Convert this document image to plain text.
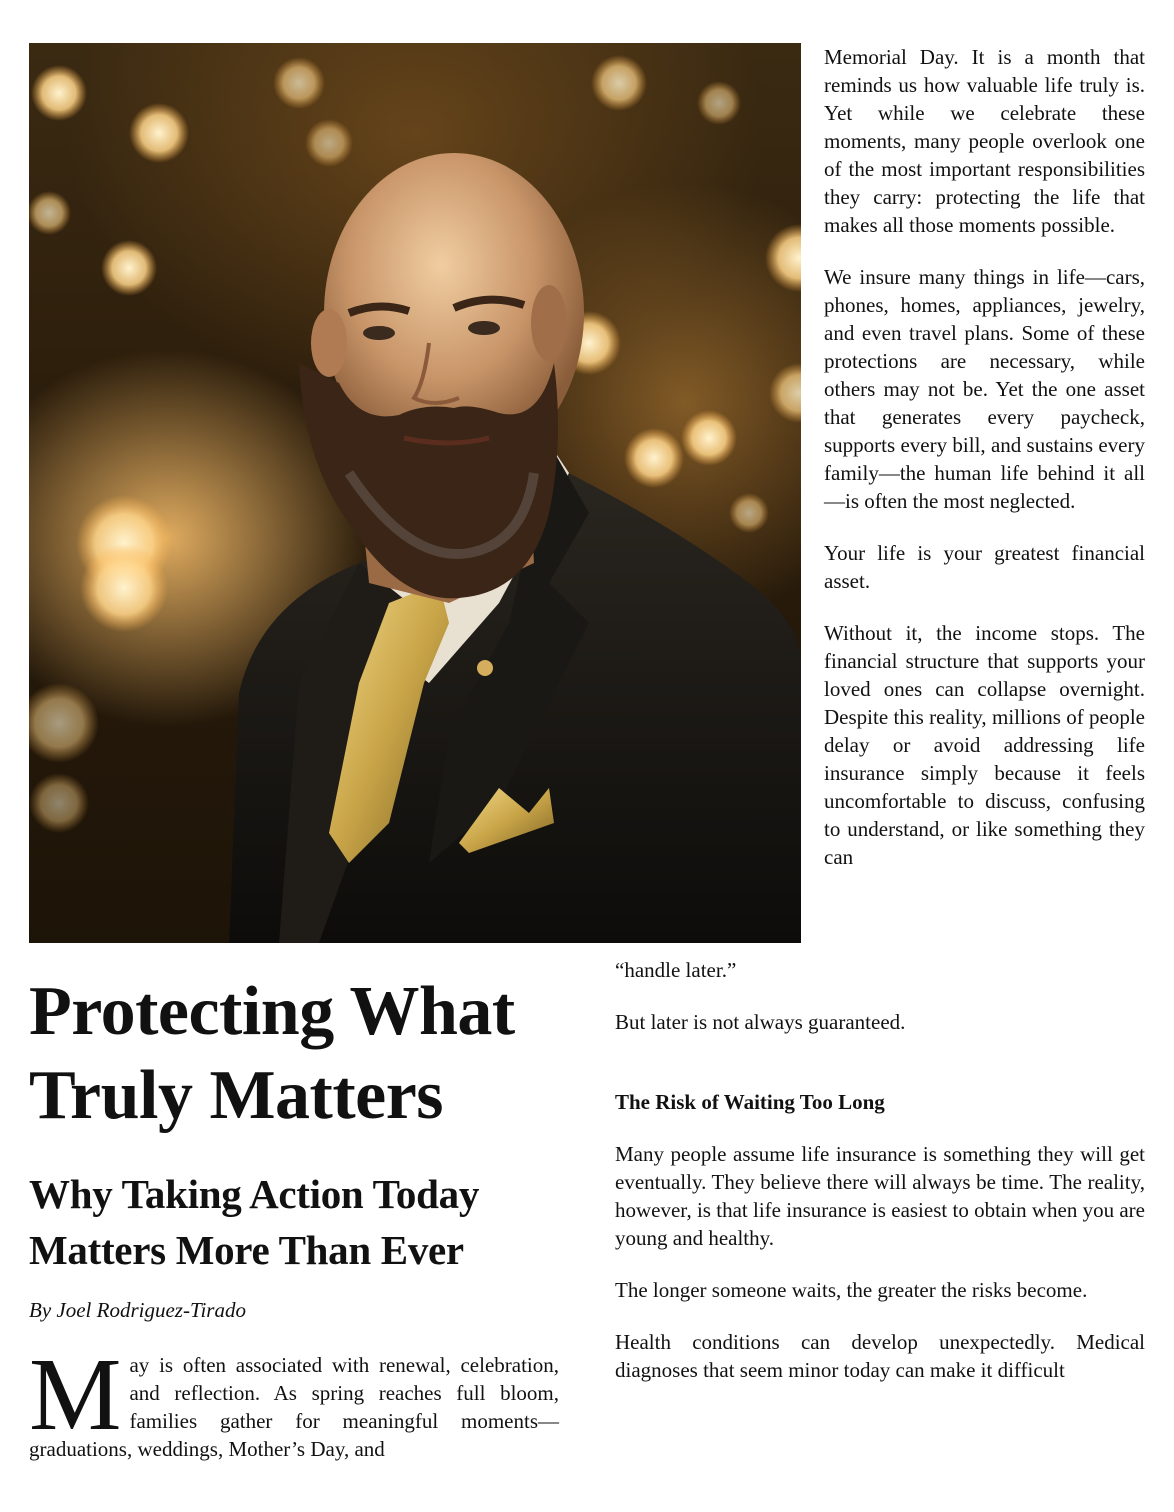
Memorial Day. It is a month that reminds us how valuable life truly is. Yet while we celebrate these moments, many people overlook one of the most important responsibilities they carry: protecting the life that makes all those moments possible.

We insure many things in life—cars, phones, homes, appliances, jewelry, and even travel plans. Some of these protections are necessary, while others may not be. Yet the one asset that generates every paycheck, supports every bill, and sustains every family—the human life behind it all—is often the most neglected.

Your life is your greatest financial asset.

Without it, the income stops. The financial structure that supports your loved ones can collapse overnight. Despite this reality, millions of people delay or avoid addressing life insurance simply because it feels uncomfortable to discuss, confusing to understand, or like something they can

“handle later.”

But later is not always guaranteed.

The Risk of Waiting Too Long

Many people assume life insurance is something they will get eventually. They believe there will always be time. The reality, however, is that life insurance is easiest to obtain when you are young and healthy.

The longer someone waits, the greater the risks become.

Health conditions can develop unexpectedly. Medical diagnoses that seem minor today can make it difficult

Protecting What Truly Matters
Why Taking Action Today Matters More Than Ever

By Joel Rodriguez-Tirado

May is often associated with renewal, celebration, and reflection. As spring reaches full bloom, families gather for meaningful moments—graduations, weddings, Mother’s Day, and
